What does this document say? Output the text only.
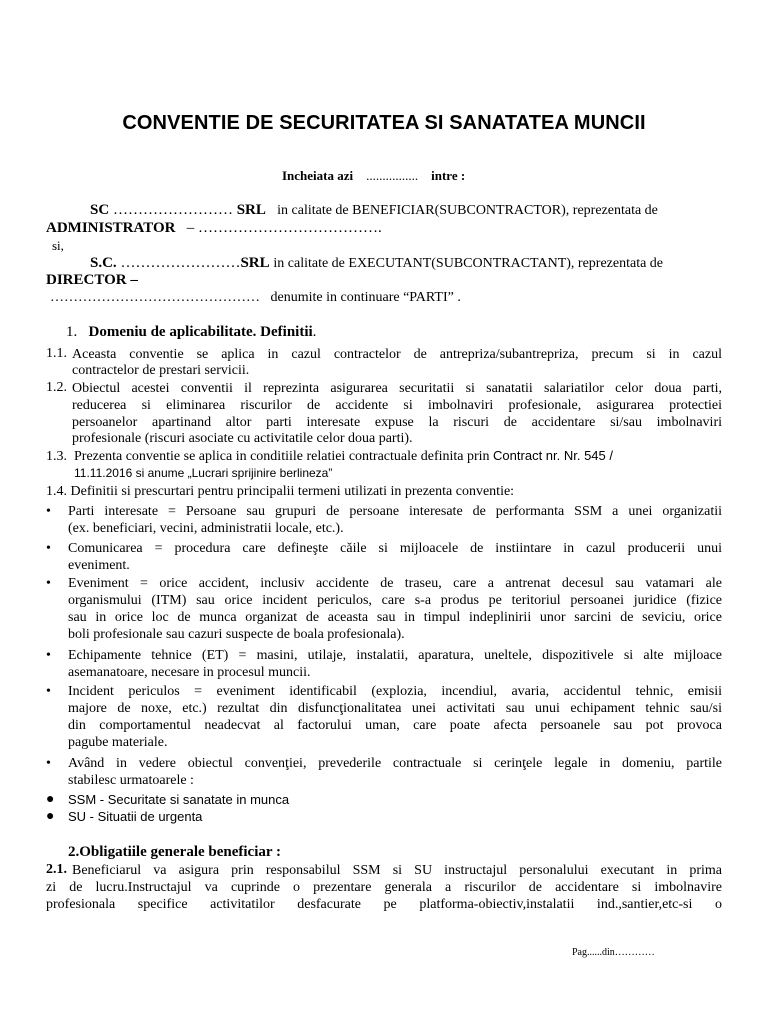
CONVENTIE DE SECURITATEA SI SANATATEA MUNCII
Incheiata azi ................ intre :
SC …………………… SRL in calitate de BENEFICIAR(SUBCONTRACTOR), reprezentata de
ADMINISTRATOR – ……………………………….
si,
S.C. ……………………SRL in calitate de EXECUTANT(SUBCONTRACTANT), reprezentata de
DIRECTOR –
……………………………………… denumite in continuare “PARTI” .
1. Domeniu de aplicabilitate. Definitii.
1.1. Aceasta conventie se aplica in cazul contractelor de antrepriza/subantrepriza, precum si in cazul
contractelor de prestari servicii.
1.2. Obiectul acestei conventii il reprezinta asigurarea securitatii si sanatatii salariatilor celor doua parti,
reducerea si eliminarea riscurilor de accidente si imbolnaviri profesionale, asigurarea protectiei
persoanelor apartinand altor parti interesate expuse la riscuri de accidentare si/sau imbolnaviri
profesionale (riscuri asociate cu activitatile celor doua parti).
1.3. Prezenta conventie se aplica in conditiile relatiei contractuale definita prin Contract nr. Nr. 545 /
11.11.2016 si anume „Lucrari sprijinire berlineza”
1.4. Definitii si prescurtari pentru principalii termeni utilizati in prezenta conventie:
• Parti interesate = Persoane sau grupuri de persoane interesate de performanta SSM a unei organizatii
(ex. beneficiari, vecini, administratii locale, etc.).
• Comunicarea = procedura care defineşte căile si mijloacele de instiintare in cazul producerii unui
eveniment.
• Eveniment = orice accident, inclusiv accidente de traseu, care a antrenat decesul sau vatamari ale
organismului (ITM) sau orice incident periculos, care s-a produs pe teritoriul persoanei juridice (fizice
sau in orice loc de munca organizat de aceasta sau in timpul indeplinirii unor sarcini de seviciu, orice
boli profesionale sau cazuri suspecte de boala profesionala).
• Echipamente tehnice (ET) = masini, utilaje, instalatii, aparatura, uneltele, dispozitivele si alte mijloace
asemanatoare, necesare in procesul muncii.
• Incident periculos = eveniment identificabil (explozia, incendiul, avaria, accidentul tehnic, emisii
majore de noxe, etc.) rezultat din disfuncţionalitatea unei activitati sau unui echipament tehnic sau/si
din comportamentul neadecvat al factorului uman, care poate afecta persoanele sau pot provoca
pagube materiale.
• Având in vedere obiectul convenţiei, prevederile contractuale si cerinţele legale in domeniu, partile
stabilesc urmatoarele :
● SSM - Securitate si sanatate in munca
● SU - Situatii de urgenta
2.Obligatiile generale beneficiar :
2.1. Beneficiarul va asigura prin responsabilul SSM si SU instructajul personalului executant in prima
zi de lucru.Instructajul va cuprinde o prezentare generala a riscurilor de accidentare si imbolnavire
profesionala specifice activitatilor desfacurate pe platforma-obiectiv,instalatii ind.,santier,etc-si o
Pag......din…………
